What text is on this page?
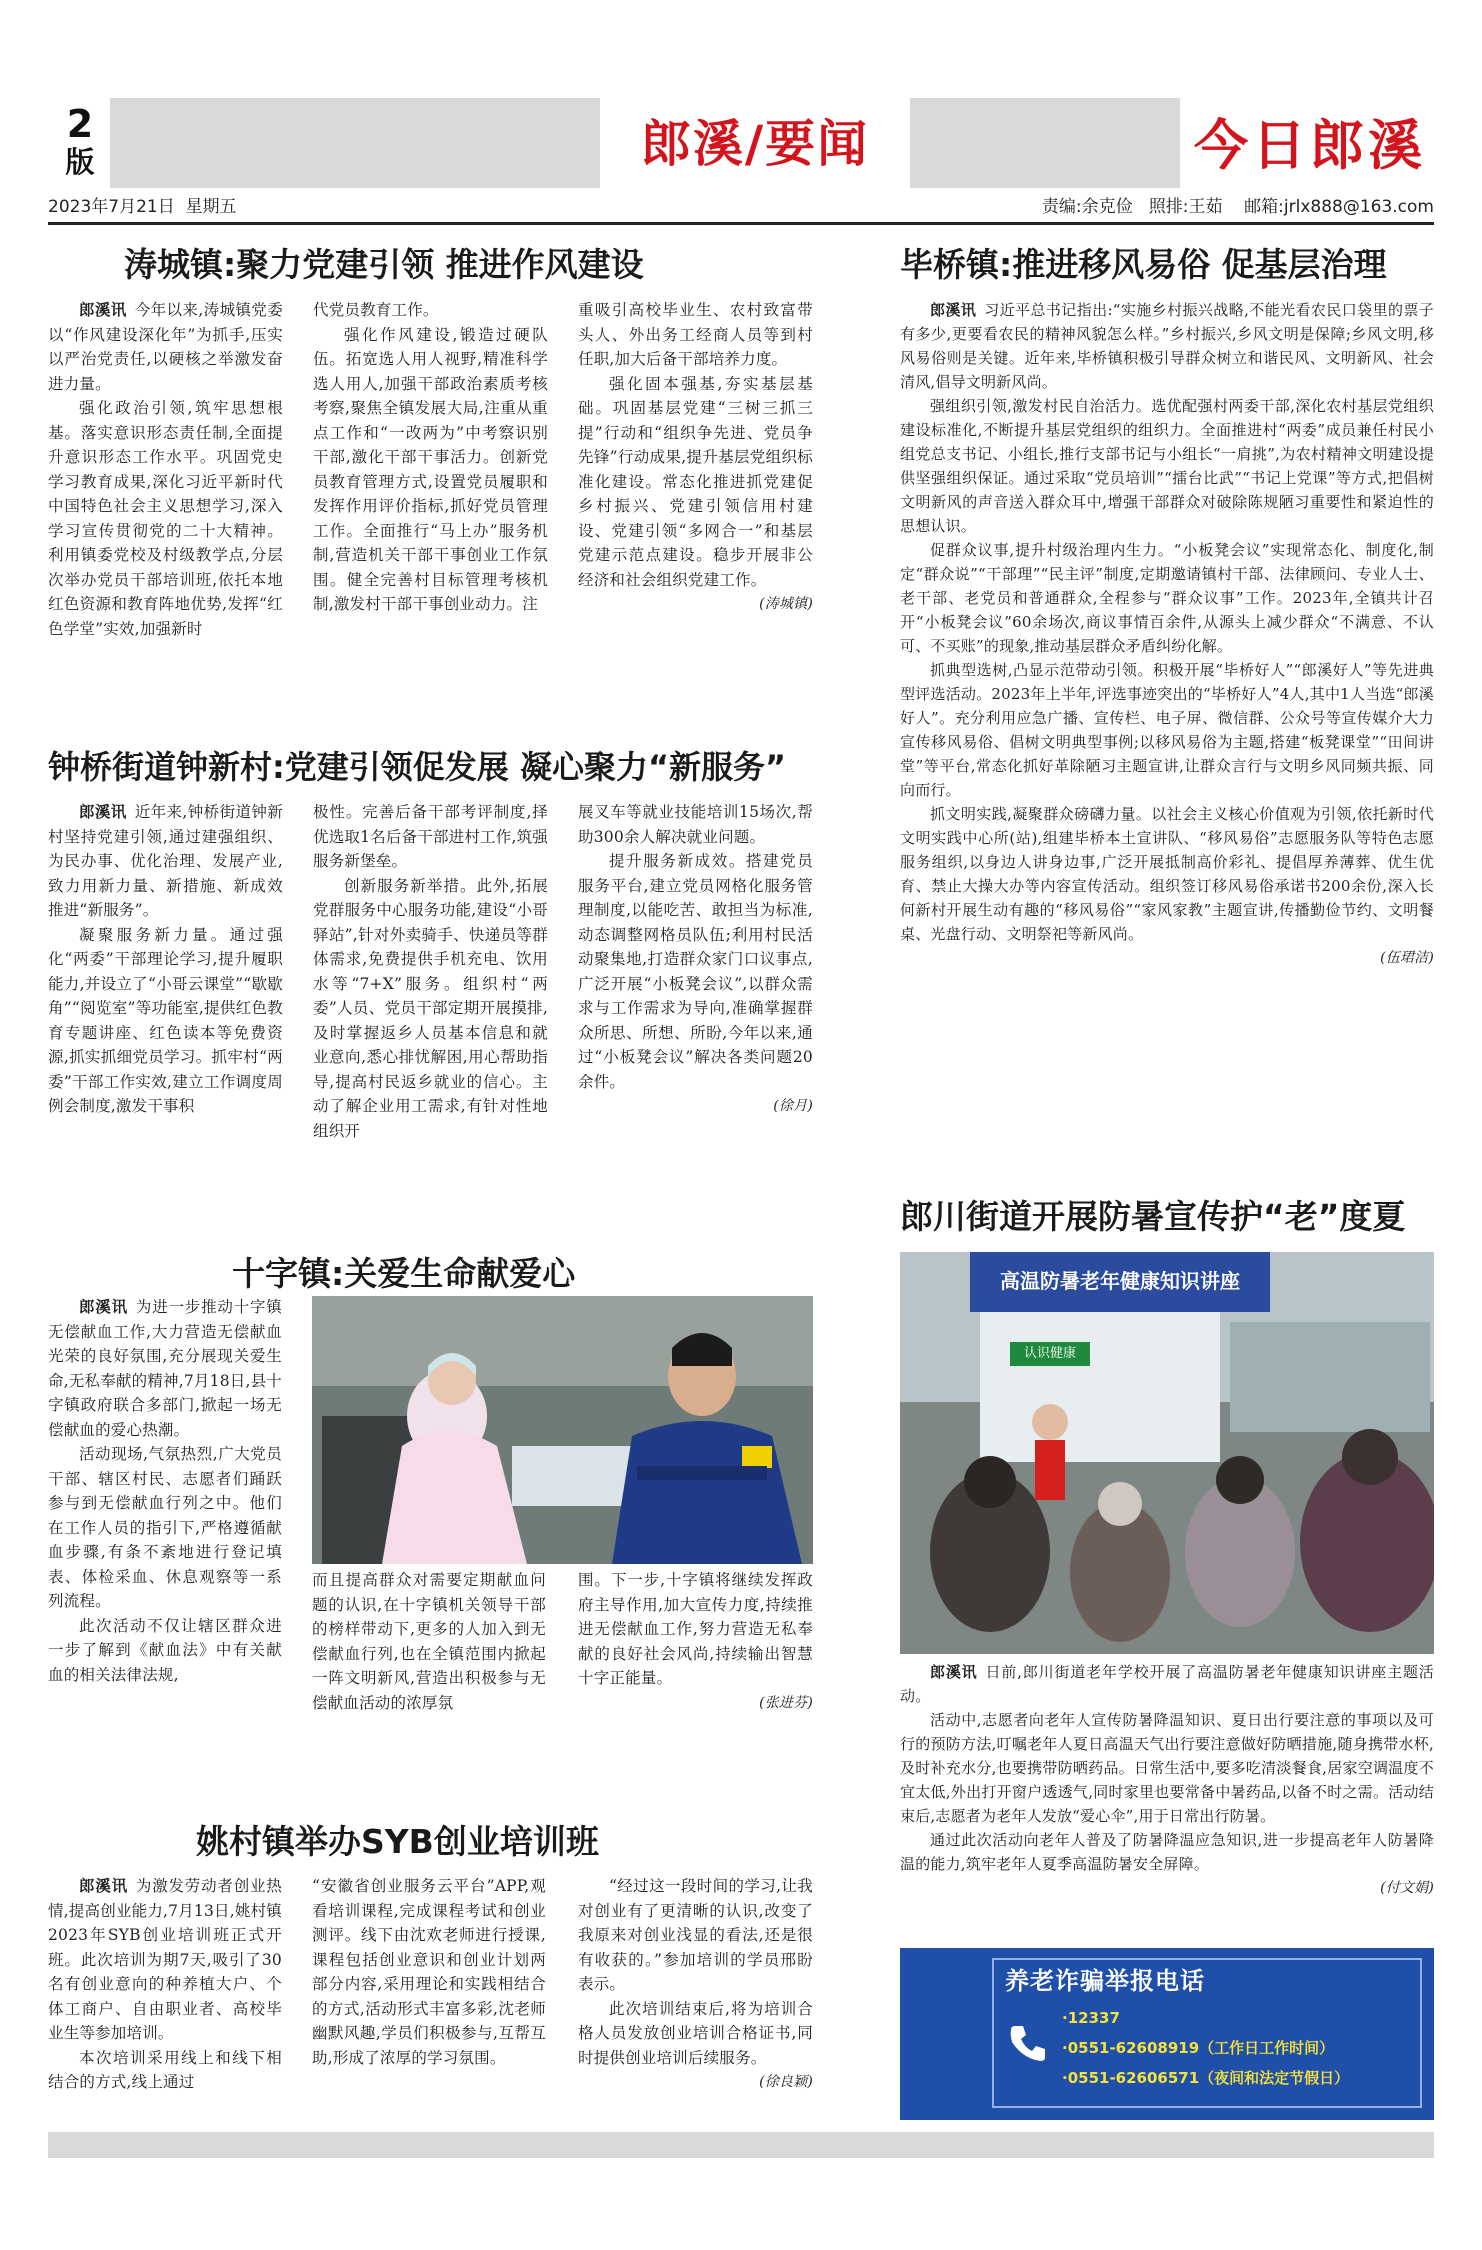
2
版	郎溪/要闻	今日郎溪
2023年7月21日 星期五	责编:余克俭 照排:王茹 邮箱:jrlx888@163.com
涛城镇:聚力党建引领 推进作风建设

郎溪讯 今年以来,涛城镇党委以“作风建设深化年”为抓手,压实以严治党责任,以硬核之举激发奋进力量。

强化政治引领,筑牢思想根基。落实意识形态责任制,全面提升意识形态工作水平。巩固党史学习教育成果,深化习近平新时代中国特色社会主义思想学习,深入学习宣传贯彻党的二十大精神。利用镇委党校及村级教学点,分层次举办党员干部培训班,依托本地红色资源和教育阵地优势,发挥“红色学堂”实效,加强新时

代党员教育工作。

强化作风建设,锻造过硬队伍。拓宽选人用人视野,精准科学选人用人,加强干部政治素质考核考察,聚焦全镇发展大局,注重从重点工作和“一改两为”中考察识别干部,激化干部干事活力。创新党员教育管理方式,设置党员履职和发挥作用评价指标,抓好党员管理工作。全面推行“马上办”服务机制,营造机关干部干事创业工作氛围。健全完善村目标管理考核机制,激发村干部干事创业动力。注

重吸引高校毕业生、农村致富带头人、外出务工经商人员等到村任职,加大后备干部培养力度。

强化固本强基,夯实基层基础。巩固基层党建“三树三抓三提”行动和“组织争先进、党员争先锋”行动成果,提升基层党组织标准化建设。常态化推进抓党建促乡村振兴、党建引领信用村建设、党建引领“多网合一”和基层党建示范点建设。稳步开展非公经济和社会组织党建工作。

(涛城镇)
钟桥街道钟新村:党建引领促发展 凝心聚力“新服务”

郎溪讯 近年来,钟桥街道钟新村坚持党建引领,通过建强组织、为民办事、优化治理、发展产业,致力用新力量、新措施、新成效推进“新服务”。

凝聚服务新力量。通过强化“两委”干部理论学习,提升履职能力,并设立了“小哥云课堂”“歇歇角”“阅览室”等功能室,提供红色教育专题讲座、红色读本等免费资源,抓实抓细党员学习。抓牢村“两委”干部工作实效,建立工作调度周例会制度,激发干事积

极性。完善后备干部考评制度,择优选取1名后备干部进村工作,筑强服务新堡垒。

创新服务新举措。此外,拓展党群服务中心服务功能,建设“小哥驿站”,针对外卖骑手、快递员等群体需求,免费提供手机充电、饮用水等“7+X”服务。组织村“两委”人员、党员干部定期开展摸排,及时掌握返乡人员基本信息和就业意向,悉心排忧解困,用心帮助指导,提高村民返乡就业的信心。主动了解企业用工需求,有针对性地组织开

展叉车等就业技能培训15场次,帮助300余人解决就业问题。

提升服务新成效。搭建党员服务平台,建立党员网格化服务管理制度,以能吃苦、敢担当为标准,动态调整网格员队伍;利用村民活动聚集地,打造群众家门口议事点,广泛开展“小板凳会议”,以群众需求与工作需求为导向,准确掌握群众所思、所想、所盼,今年以来,通过“小板凳会议”解决各类问题20余件。

(徐月)
十字镇:关爱生命献爱心

郎溪讯 为进一步推动十字镇无偿献血工作,大力营造无偿献血光荣的良好氛围,充分展现关爱生命,无私奉献的精神,7月18日,县十字镇政府联合多部门,掀起一场无偿献血的爱心热潮。

活动现场,气氛热烈,广大党员干部、辖区村民、志愿者们踊跃参与到无偿献血行列之中。他们在工作人员的指引下,严格遵循献血步骤,有条不紊地进行登记填表、体检采血、休息观察等一系列流程。

此次活动不仅让辖区群众进一步了解到《献血法》中有关献血的相关法律法规,

而且提高群众对需要定期献血问题的认识,在十字镇机关领导干部的榜样带动下,更多的人加入到无偿献血行列,也在全镇范围内掀起一阵文明新风,营造出积极参与无偿献血活动的浓厚氛

围。下一步,十字镇将继续发挥政府主导作用,加大宣传力度,持续推进无偿献血工作,努力营造无私奉献的良好社会风尚,持续输出智慧十字正能量。

(张进芬)
姚村镇举办SYB创业培训班

郎溪讯 为激发劳动者创业热情,提高创业能力,7月13日,姚村镇2023年SYB创业培训班正式开班。此次培训为期7天,吸引了30名有创业意向的种养植大户、个体工商户、自由职业者、高校毕业生等参加培训。

本次培训采用线上和线下相结合的方式,线上通过

“安徽省创业服务云平台”APP,观看培训课程,完成课程考试和创业测评。线下由沈欢老师进行授课,课程包括创业意识和创业计划两部分内容,采用理论和实践相结合的方式,活动形式丰富多彩,沈老师幽默风趣,学员们积极参与,互帮互助,形成了浓厚的学习氛围。

“经过这一段时间的学习,让我对创业有了更清晰的认识,改变了我原来对创业浅显的看法,还是很有收获的。”参加培训的学员邢盼表示。

此次培训结束后,将为培训合格人员发放创业培训合格证书,同时提供创业培训后续服务。

(徐良颖)
毕桥镇:推进移风易俗 促基层治理

郎溪讯 习近平总书记指出:“实施乡村振兴战略,不能光看农民口袋里的票子有多少,更要看农民的精神风貌怎么样。”乡村振兴,乡风文明是保障;乡风文明,移风易俗则是关键。近年来,毕桥镇积极引导群众树立和谐民风、文明新风、社会清风,倡导文明新风尚。

强组织引领,激发村民自治活力。选优配强村两委干部,深化农村基层党组织建设标准化,不断提升基层党组织的组织力。全面推进村“两委”成员兼任村民小组党总支书记、小组长,推行支部书记与小组长“一肩挑”,为农村精神文明建设提供坚强组织保证。通过采取“党员培训”“擂台比武”“书记上党课”等方式,把倡树文明新风的声音送入群众耳中,增强干部群众对破除陈规陋习重要性和紧迫性的思想认识。

促群众议事,提升村级治理内生力。“小板凳会议”实现常态化、制度化,制定“群众说”“干部理”“民主评”制度,定期邀请镇村干部、法律顾问、专业人士、老干部、老党员和普通群众,全程参与“群众议事”工作。2023年,全镇共计召开“小板凳会议”60余场次,商议事情百余件,从源头上减少群众“不满意、不认可、不买账”的现象,推动基层群众矛盾纠纷化解。

抓典型选树,凸显示范带动引领。积极开展“毕桥好人”“郎溪好人”等先进典型评选活动。2023年上半年,评选事迹突出的“毕桥好人”4人,其中1人当选“郎溪好人”。充分利用应急广播、宣传栏、电子屏、微信群、公众号等宣传媒介大力宣传移风易俗、倡树文明典型事例;以移风易俗为主题,搭建“板凳课堂”“田间讲堂”等平台,常态化抓好革除陋习主题宣讲,让群众言行与文明乡风同频共振、同向而行。

抓文明实践,凝聚群众磅礴力量。以社会主义核心价值观为引领,依托新时代文明实践中心所(站),组建毕桥本土宣讲队、“移风易俗”志愿服务队等特色志愿服务组织,以身边人讲身边事,广泛开展抵制高价彩礼、提倡厚养薄葬、优生优育、禁止大操大办等内容宣传活动。组织签订移风易俗承诺书200余份,深入长何新村开展生动有趣的“移风易俗”“家风家教”主题宣讲,传播勤俭节约、文明餐桌、光盘行动、文明祭祀等新风尚。

(伍珺洁)
郎川街道开展防暑宣传护“老”度夏
高温防暑老年健康知识讲座
认识健康

郎溪讯 日前,郎川街道老年学校开展了高温防暑老年健康知识讲座主题活动。

活动中,志愿者向老年人宣传防暑降温知识、夏日出行要注意的事项以及可行的预防方法,叮嘱老年人夏日高温天气出行要注意做好防晒措施,随身携带水杯,及时补充水分,也要携带防晒药品。日常生活中,要多吃清淡餐食,居家空调温度不宜太低,外出打开窗户透透气,同时家里也要常备中暑药品,以备不时之需。活动结束后,志愿者为老年人发放“爱心伞”,用于日常出行防暑。

通过此次活动向老年人普及了防暑降温应急知识,进一步提高老年人防暑降温的能力,筑牢老年人夏季高温防暑安全屏障。

(付文娟)
养老诈骗举报电话
·12337
·0551-62608919（工作日工作时间）
·0551-62606571（夜间和法定节假日）
